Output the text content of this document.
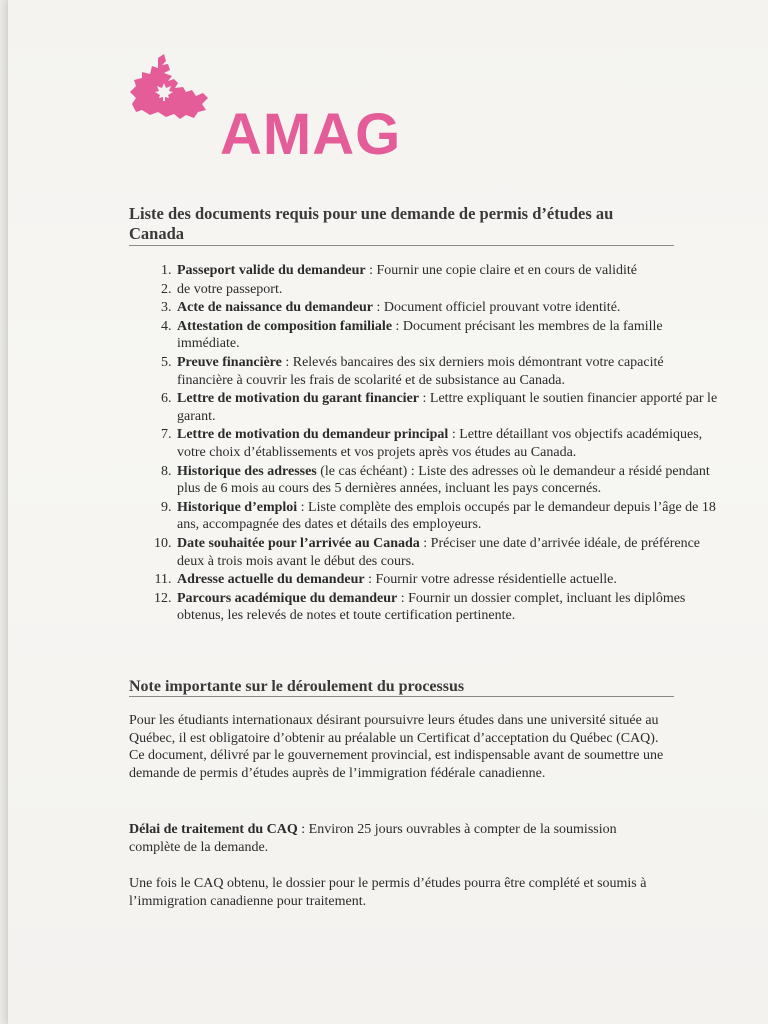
AMAG
Liste des documents requis pour une demande de permis d’études au Canada
1. Passeport valide du demandeur : Fournir une copie claire et en cours de validité
2. de votre passeport.
3. Acte de naissance du demandeur : Document officiel prouvant votre identité.
4. Attestation de composition familiale : Document précisant les membres de la famille immédiate.
5. Preuve financière : Relevés bancaires des six derniers mois démontrant votre capacité financière à couvrir les frais de scolarité et de subsistance au Canada.
6. Lettre de motivation du garant financier : Lettre expliquant le soutien financier apporté par le garant.
7. Lettre de motivation du demandeur principal : Lettre détaillant vos objectifs académiques, votre choix d’établissements et vos projets après vos études au Canada.
8. Historique des adresses (le cas échéant) : Liste des adresses où le demandeur a résidé pendant plus de 6 mois au cours des 5 dernières années, incluant les pays concernés.
9. Historique d’emploi : Liste complète des emplois occupés par le demandeur depuis l’âge de 18 ans, accompagnée des dates et détails des employeurs.
10. Date souhaitée pour l’arrivée au Canada : Préciser une date d’arrivée idéale, de préférence deux à trois mois avant le début des cours.
11. Adresse actuelle du demandeur : Fournir votre adresse résidentielle actuelle.
12. Parcours académique du demandeur : Fournir un dossier complet, incluant les diplômes obtenus, les relevés de notes et toute certification pertinente.
Note importante sur le déroulement du processus

Pour les étudiants internationaux désirant poursuivre leurs études dans une université située au Québec, il est obligatoire d’obtenir au préalable un Certificat d’acceptation du Québec (CAQ). Ce document, délivré par le gouvernement provincial, est indispensable avant de soumettre une demande de permis d’études auprès de l’immigration fédérale canadienne.

Délai de traitement du CAQ : Environ 25 jours ouvrables à compter de la soumission complète de la demande.

Une fois le CAQ obtenu, le dossier pour le permis d’études pourra être complété et soumis à l’immigration canadienne pour traitement.
